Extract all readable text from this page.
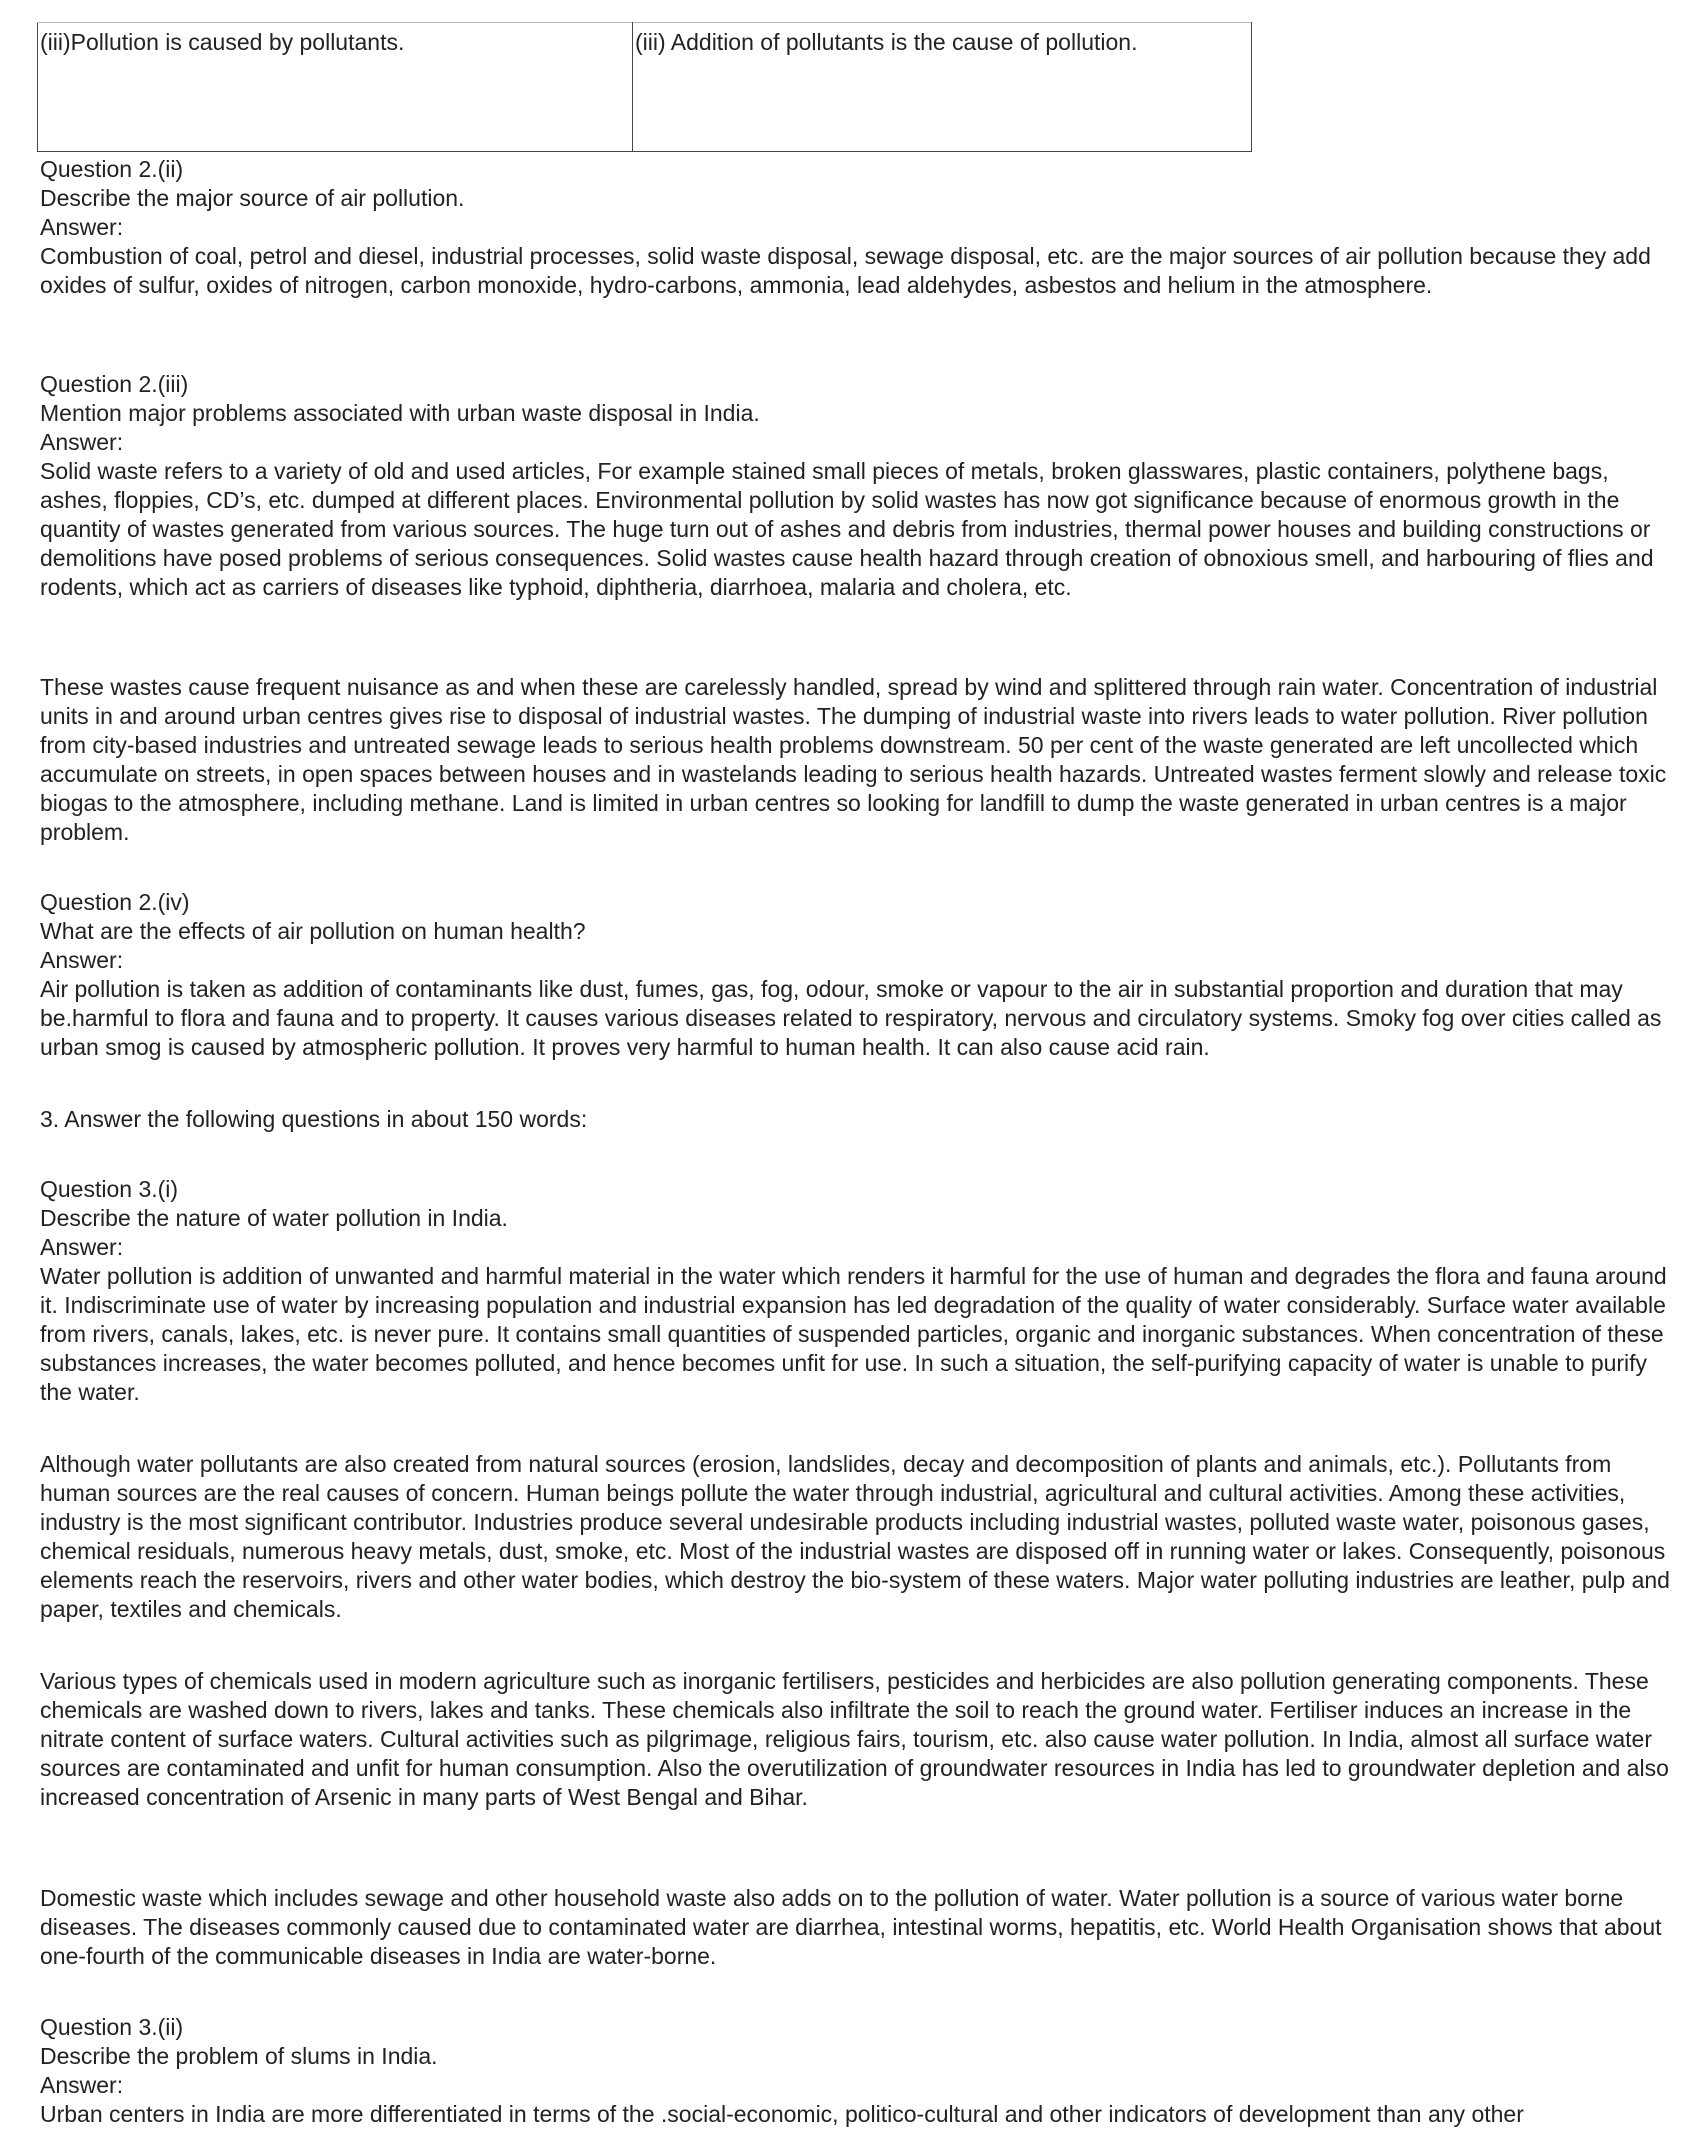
(iii)Pollution is caused by pollutants.	(iii) Addition of pollutants is the cause of pollution.

Question 2.(ii)

Describe the major source of air pollution.

Answer:

Combustion of coal, petrol and diesel, industrial processes, solid waste disposal, sewage disposal, etc. are the major sources of air pollution because they add oxides of sulfur, oxides of nitrogen, carbon monoxide, hydro-carbons, ammonia, lead aldehydes, asbestos and helium in the atmosphere.

Question 2.(iii)

Mention major problems associated with urban waste disposal in India.

Answer:

Solid waste refers to a variety of old and used articles, For example stained small pieces of metals, broken glasswares, plastic containers, polythene bags, ashes, floppies, CD’s, etc. dumped at different places. Environmental pollution by solid wastes has now got significance because of enormous growth in the quantity of wastes generated from various sources. The huge turn out of ashes and debris from industries, thermal power houses and building constructions or demolitions have posed problems of serious consequences. Solid wastes cause health hazard through creation of obnoxious smell, and harbouring of flies and rodents, which act as carriers of diseases like typhoid, diphtheria, diarrhoea, malaria and cholera, etc.

These wastes cause frequent nuisance as and when these are carelessly handled, spread by wind and splittered through rain water. Concentration of industrial units in and around urban centres gives rise to disposal of industrial wastes. The dumping of industrial waste into rivers leads to water pollution. River pollution from city-based industries and untreated sewage leads to serious health problems downstream. 50 per cent of the waste generated are left uncollected which accumulate on streets, in open spaces between houses and in wastelands leading to serious health hazards. Untreated wastes ferment slowly and release toxic biogas to the atmosphere, including methane. Land is limited in urban centres so looking for landfill to dump the waste generated in urban centres is a major problem.

Question 2.(iv)

What are the effects of air pollution on human health?

Answer:

Air pollution is taken as addition of contaminants like dust, fumes, gas, fog, odour, smoke or vapour to the air in substantial proportion and duration that may be.harmful to flora and fauna and to property. It causes various diseases related to respiratory, nervous and circulatory systems. Smoky fog over cities called as urban smog is caused by atmospheric pollution. It proves very harmful to human health. It can also cause acid rain.

3. Answer the following questions in about 150 words:

Question 3.(i)

Describe the nature of water pollution in India.

Answer:

Water pollution is addition of unwanted and harmful material in the water which renders it harmful for the use of human and degrades the flora and fauna around it. Indiscriminate use of water by increasing population and industrial expansion has led degradation of the quality of water considerably. Surface water available from rivers, canals, lakes, etc. is never pure. It contains small quantities of suspended particles, organic and inorganic substances. When concentration of these substances increases, the water becomes polluted, and hence becomes unfit for use. In such a situation, the self-purifying capacity of water is unable to purify the water.

Although water pollutants are also created from natural sources (erosion, landslides, decay and decomposition of plants and animals, etc.). Pollutants from human sources are the real causes of concern. Human beings pollute the water through industrial, agricultural and cultural activities. Among these activities, industry is the most significant contributor. Industries produce several undesirable products including industrial wastes, polluted waste water, poisonous gases, chemical residuals, numerous heavy metals, dust, smoke, etc. Most of the industrial wastes are disposed off in running water or lakes. Consequently, poisonous elements reach the reservoirs, rivers and other water bodies, which destroy the bio-system of these waters. Major water polluting industries are leather, pulp and paper, textiles and chemicals.

Various types of chemicals used in modern agriculture such as inorganic fertilisers, pesticides and herbicides are also pollution generating components. These chemicals are washed down to rivers, lakes and tanks. These chemicals also infiltrate the soil to reach the ground water. Fertiliser induces an increase in the nitrate content of surface waters. Cultural activities such as pilgrimage, religious fairs, tourism, etc. also cause water pollution. In India, almost all surface water sources are contaminated and unfit for human consumption. Also the overutilization of groundwater resources in India has led to groundwater depletion and also increased concentration of Arsenic in many parts of West Bengal and Bihar.

Domestic waste which includes sewage and other household waste also adds on to the pollution of water. Water pollution is a source of various water borne diseases. The diseases commonly caused due to contaminated water are diarrhea, intestinal worms, hepatitis, etc. World Health Organisation shows that about one-fourth of the communicable diseases in India are water-borne.

Question 3.(ii)

Describe the problem of slums in India.

Answer:

Urban centers in India are more differentiated in terms of the .social-economic, politico-cultural and other indicators of development than any other
